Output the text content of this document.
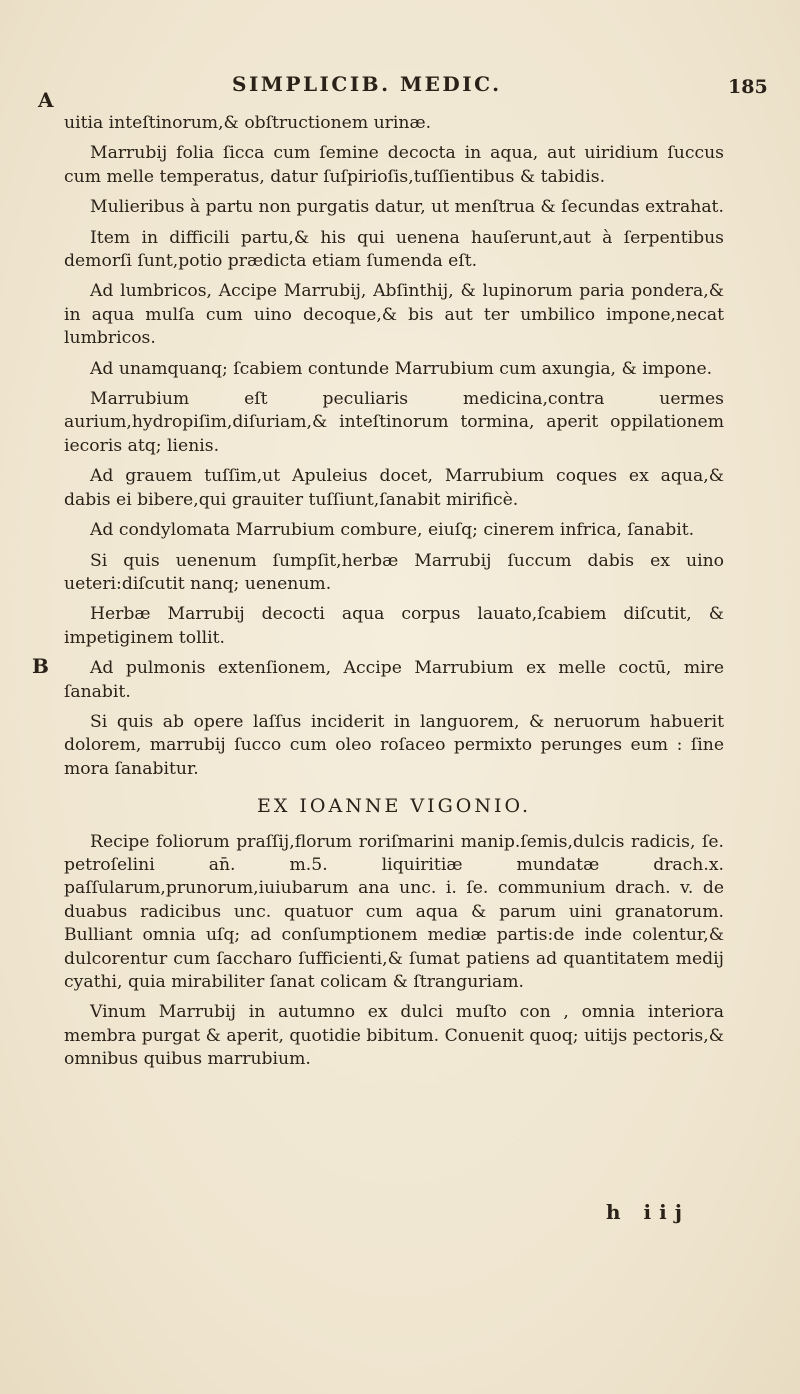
SIMPLICIB. MEDIC.	185
A
B

uitia inteſtinorum,& obſtructionem urinæ.

Marrubij folia ſicca cum ſemine decocta in aqua, aut uiridium ſuccus cum melle temperatus, datur ſuſpirioſis,tuſſientibus & tabidis.

Mulieribus à partu non purgatis datur, ut menſtrua & ſecundas extrahat.

Item in difficili partu,& his qui uenena hauſerunt,aut à ſerpentibus demorſi ſunt,potio prædicta etiam ſumenda eſt.

Ad lumbricos, Accipe Marrubij, Abſinthij, & lupinorum paria pondera,& in aqua mulſa cum uino decoque,& bis aut ter umbilico impone,necat lumbricos.

Ad unamquanq; ſcabiem contunde Marrubium cum axungia, & impone.

Marrubium eſt peculiaris medicina,contra uermes aurium,hydropiſim,diſuriam,& inteſtinorum tormina, aperit oppilationem iecoris atq; lienis.

Ad grauem tuſſim,ut Apuleius docet, Marrubium coques ex aqua,& dabis ei bibere,qui grauiter tuſſiunt,ſanabit mirificè.

Ad condylomata Marrubium combure, eiuſq; cinerem infrica, ſanabit.

Si quis uenenum ſumpſit,herbæ Marrubij ſuccum dabis ex uino ueteri:diſcutit nanq; uenenum.

Herbæ Marrubij decocti aqua corpus lauato,ſcabiem diſcutit, & impetiginem tollit.

Ad pulmonis extenſionem, Accipe Marrubium ex melle coctū, mire ſanabit.

Si quis ab opere laſſus inciderit in languorem, & neruorum habuerit dolorem, marrubij ſucco cum oleo roſaceo permixto perunges eum : ſine mora ſanabitur.

EX IOANNE VIGONIO.

Recipe foliorum praſſij,florum roriſmarini manip.ſemis,dulcis radicis, ſe. petroſelini an̄. m.5. liquiritiæ mundatæ drach.x. paſſularum,prunorum,iuiubarum ana unc. i. ſe. communium drach. v. de duabus radicibus unc. quatuor cum aqua & parum uini granatorum. Bulliant omnia uſq; ad conſumptionem mediæ partis:de inde colentur,& dulcorentur cum ſaccharo ſufficienti,& ſumat patiens ad quantitatem medij cyathi, quia mirabiliter ſanat colicam & ſtranguriam.

Vinum Marrubij in autumno ex dulci muſto con , omnia interiora membra purgat & aperit, quotidie bibitum. Conuenit quoq; uitijs pectoris,& omnibus quibus marrubium.

h iij
